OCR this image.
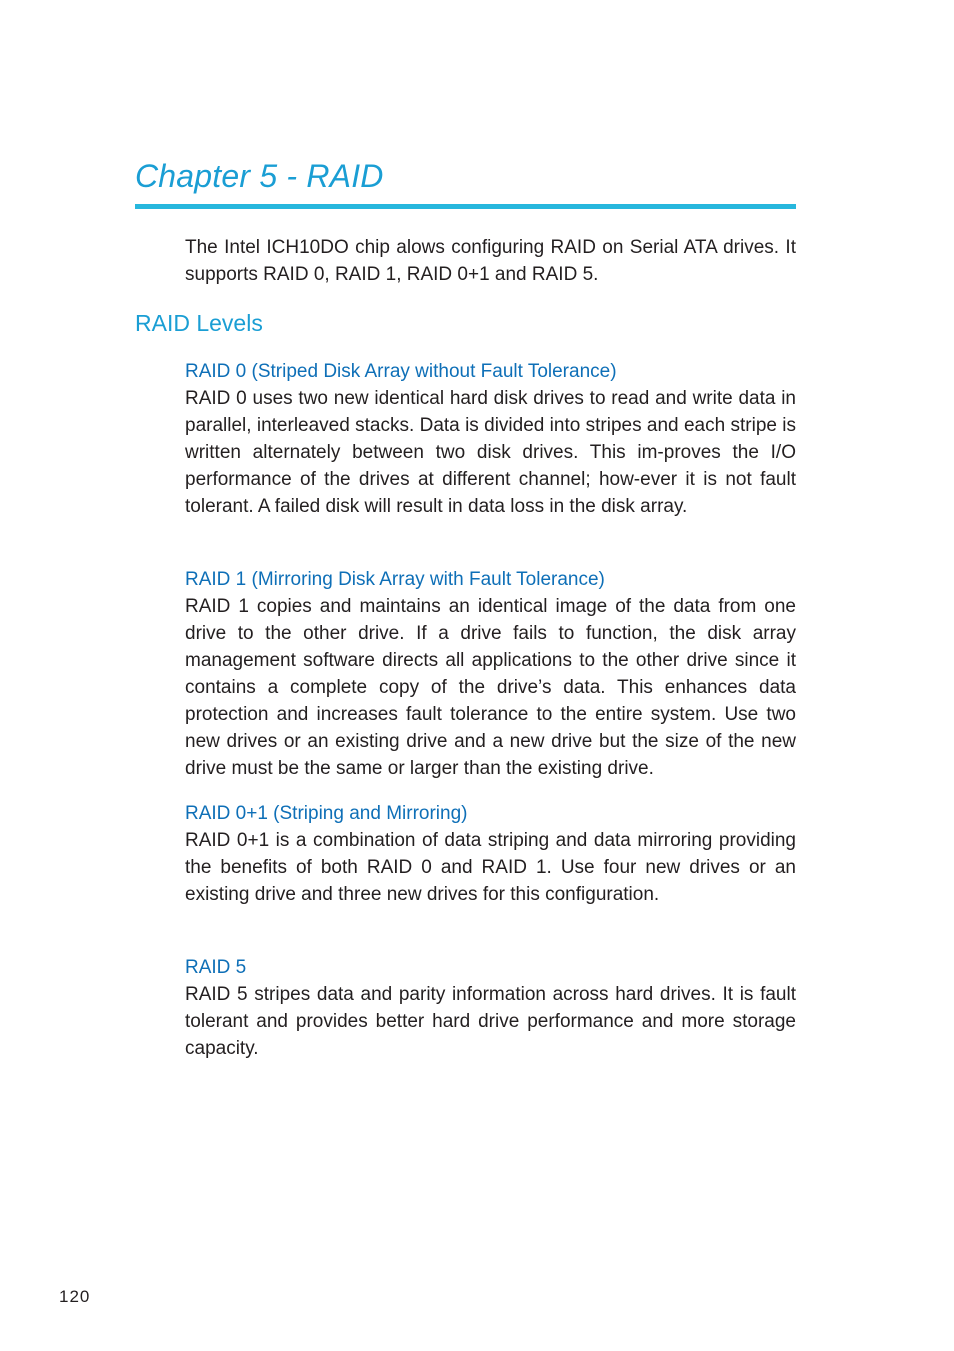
Chapter 5 - RAID

The Intel ICH10DO chip alows configuring RAID on Serial ATA drives. It supports RAID 0, RAID 1, RAID 0+1 and RAID 5.

RAID Levels
RAID 0 (Striped Disk Array without Fault Tolerance)

RAID 0 uses two new identical hard disk drives to read and write data in parallel, interleaved stacks. Data is divided into stripes and each stripe is written alternately between two disk drives. This im-proves the I/O performance of the drives at different channel; how-ever it is not fault tolerant. A failed disk will result in data loss in the disk array.

RAID 1 (Mirroring Disk Array with Fault Tolerance)

RAID 1 copies and maintains an identical image of the data from one drive to the other drive. If a drive fails to function, the disk array management software directs all applications to the other drive since it contains a complete copy of the drive’s data. This enhances data protection and increases fault tolerance to the entire system. Use two new drives or an existing drive and a new drive but the size of the new drive must be the same or larger than the existing drive.

RAID 0+1 (Striping and Mirroring)

RAID 0+1 is a combination of data striping and data mirroring providing the benefits of both RAID 0 and RAID 1. Use four new drives or an existing drive and three new drives for this configuration.

RAID 5

RAID 5 stripes data and parity information across hard drives. It is fault tolerant and provides better hard drive performance and more storage capacity.

120
